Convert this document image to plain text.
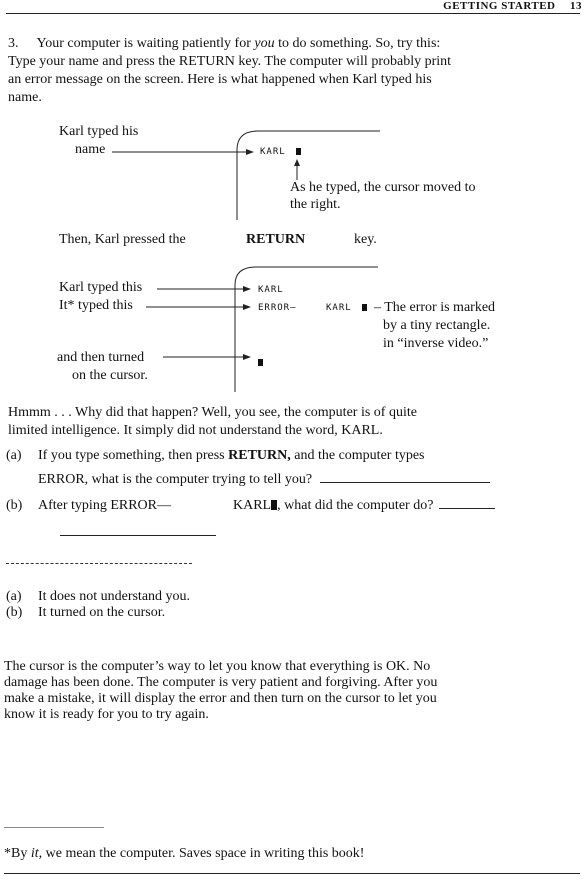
GETTING STARTED 13
3. Your computer is waiting patiently for you to do something. So, try this:
Type your name and press the RETURN key. The computer will probably print
an error message on the screen. Here is what happened when Karl typed his
name.
Karl typed his
name	KARL
As he typed, the cursor moved to
the right.
Then, Karl pressed the	RETURN	key.
Karl typed this
It* typed this
and then turned
on the cursor.
KARL
ERROR—	KARL	– The error is marked
by a tiny rectangle.
in “inverse video.”
Hmmm . . . Why did that happen? Well, you see, the computer is of quite
limited intelligence. It simply did not understand the word, KARL.
(a) If you type something, then press RETURN, and the computer types
ERROR, what is the computer trying to tell you?
(b) After typing ERROR—	KARL , what did the computer do?
(a) It does not understand you.
(b) It turned on the cursor.
The cursor is the computer’s way to let you know that everything is OK. No
damage has been done. The computer is very patient and forgiving. After you
make a mistake, it will display the error and then turn on the cursor to let you
know it is ready for you to try again.
*By it, we mean the computer. Saves space in writing this book!
